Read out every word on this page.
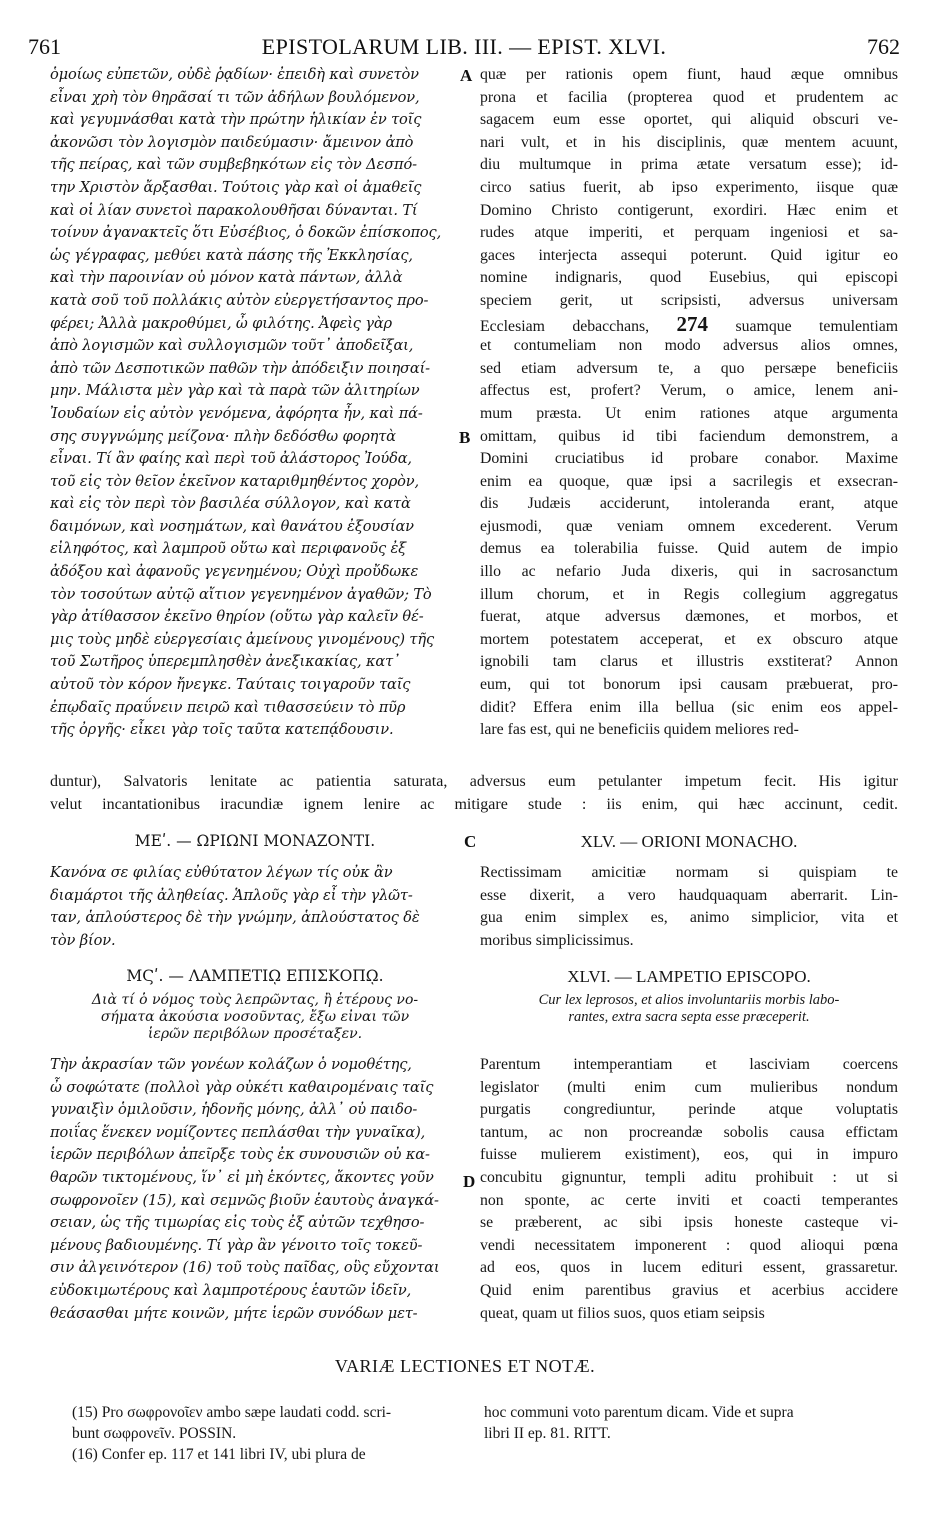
761	EPISTOLARUM LIB. III. — EPIST. XLVI.	762
ὁμοίως εὐπετῶν, οὐδὲ ῥᾳδίων· ἐπειδὴ καὶ συνετὸν
εἶναι χρὴ τὸν θηρᾶσαί τι τῶν ἀδήλων βουλόμενον,
καὶ γεγυμνάσθαι κατὰ τὴν πρώτην ἡλικίαν ἐν τοῖς
ἀκονῶσι τὸν λογισμὸν παιδεύμασιν· ἄμεινον ἀπὸ
τῆς πείρας, καὶ τῶν συμβεβηκότων εἰς τὸν Δεσπό-
την Χριστὸν ἄρξασθαι. Τούτοις γὰρ καὶ οἱ ἀμαθεῖς
καὶ οἱ λίαν συνετοὶ παρακολουθῆσαι δύνανται. Τί
τοίνυν ἀγανακτεῖς ὅτι Εὐσέβιος, ὁ δοκῶν ἐπίσκοπος,
ὡς γέγραφας, μεθύει κατὰ πάσης τῆς Ἐκκλησίας,
καὶ τὴν παροινίαν οὐ μόνον κατὰ πάντων, ἀλλὰ
κατὰ σοῦ τοῦ πολλάκις αὐτὸν εὐεργετήσαντος προ-
φέρει; Ἀλλὰ μακροθύμει, ὦ φιλότης. Ἀφεὶς γὰρ
ἀπὸ λογισμῶν καὶ συλλογισμῶν τοῦτ᾽ ἀποδεῖξαι,
ἀπὸ τῶν Δεσποτικῶν παθῶν τὴν ἀπόδειξιν ποιησαί-
μην. Μάλιστα μὲν γὰρ καὶ τὰ παρὰ τῶν ἀλιτηρίων
Ἰουδαίων εἰς αὐτὸν γενόμενα, ἀφόρητα ἦν, καὶ πά-
σης συγγνώμης μείζονα· πλὴν δεδόσθω φορητὰ
εἶναι. Τί ἂν φαίης καὶ περὶ τοῦ ἀλάστορος Ἰούδα,
τοῦ εἰς τὸν θεῖον ἐκεῖνον καταριθμηθέντος χορὸν,
καὶ εἰς τὸν περὶ τὸν βασιλέα σύλλογον, καὶ κατὰ
δαιμόνων, καὶ νοσημάτων, καὶ θανάτου ἐξουσίαν
εἰληφότος, καὶ λαμπροῦ οὕτω καὶ περιφανοῦς ἐξ
ἀδόξου καὶ ἀφανοῦς γεγενημένου; Οὐχὶ προὔδωκε
τὸν τοσούτων αὐτῷ αἴτιον γεγενημένον ἀγαθῶν; Τὸ
γὰρ ἀτίθασσον ἐκεῖνο θηρίον (οὕτω γὰρ καλεῖν θέ-
μις τοὺς μηδὲ εὐεργεσίαις ἀμείνους γινομένους) τῆς
τοῦ Σωτῆρος ὑπερεμπλησθὲν ἀνεξικακίας, κατ᾽
αὐτοῦ τὸν κόρον ἤνεγκε. Ταύταις τοιγαροῦν ταῖς
ἐπῳδαῖς πραΰνειν πειρῶ καὶ τιθασσεύειν τὸ πῦρ
τῆς ὀργῆς· εἶκει γὰρ τοῖς ταῦτα κατεπᾴδουσιν.
quæ per rationis opem fiunt, haud æque omnibus
prona et facilia (propterea quod et prudentem ac
sagacem eum esse oportet, qui aliquid obscuri ve-
nari vult, et in his disciplinis, quæ mentem acuunt,
diu multumque in prima ætate versatum esse); id-
circo satius fuerit, ab ipso experimento, iisque quæ
Domino Christo contigerunt, exordiri. Hæc enim et
rudes atque imperiti, et perquam ingeniosi et sa-
gaces interjecta assequi poterunt. Quid igitur eo
nomine indignaris, quod Eusebius, qui episcopi
speciem gerit, ut scripsisti, adversus universam
et contumeliam non modo adversus alios omnes,
sed etiam adversum te, a quo persæpe beneficiis
affectus est, profert? Verum, o amice, lenem ani-
mum præsta. Ut enim rationes atque argumenta
omittam, quibus id tibi faciendum demonstrem, a
Domini cruciatibus id probare conabor. Maxime
enim ea quoque, quæ ipsi a sacrilegis et exsecran-
dis Judæis acciderunt, intoleranda erant, atque
ejusmodi, quæ veniam omnem excederent. Verum
demus ea tolerabilia fuisse. Quid autem de impio
illo ac nefario Juda dixeris, qui in sacrosanctum
illum chorum, et in Regis collegium aggregatus
fuerat, atque adversus dæmones, et morbos, et
mortem potestatem acceperat, et ex obscuro atque
ignobili tam clarus et illustris exstiterat? Annon
eum, qui tot bonorum ipsi causam præbuerat, pro-
didit? Effera enim illa bellua (sic enim eos appel-
lare fas est, qui ne beneficiis quidem meliores red-
Ecclesiam debacchans, 274 suamque temulentiam
duntur), Salvatoris lenitate ac patientia saturata, adversus eum petulanter impetum fecit. His igitur
velut incantationibus iracundiæ ignem lenire ac mitigare stude : iis enim, qui hæc accinunt, cedit.
A
B
C
D
ΜΕʹ. — ΩΡΙΩΝΙ ΜΟΝΑΖΟΝΤΙ.	XLV. — ORIONI MONACHO.
Κανόνα σε φιλίας εὐθύτατον λέγων τίς οὐκ ἂν
διαμάρτοι τῆς ἀληθείας. Ἁπλοῦς γὰρ εἶ τὴν γλῶτ-
ταν, ἁπλούστερος δὲ τὴν γνώμην, ἁπλούστατος δὲ
τὸν βίον.
Rectissimam amicitiæ normam si quispiam te
esse dixerit, a vero haudquaquam aberrarit. Lin-
gua enim simplex es, animo simplicior, vita et
moribus simplicissimus.
ΜϚʹ. — ΛΑΜΠΕΤΙῼ ΕΠΙΣΚΟΠῼ.	XLVI. — LAMPETIO EPISCOPO.
Διὰ τί ὁ νόμος τοὺς λεπρῶντας, ἢ ἑτέρους νο-
σήματα ἀκούσια νοσοῦντας, ἔξω εἶναι τῶν
ἱερῶν περιβόλων προσέταξεν.
Cur lex leprosos, et alios involuntariis morbis labo-
rantes, extra sacra septa esse præceperit.
Τὴν ἀκρασίαν τῶν γονέων κολάζων ὁ νομοθέτης,
ὦ σοφώτατε (πολλοὶ γὰρ οὐκέτι καθαιρομέναις ταῖς
γυναιξὶν ὁμιλοῦσιν, ἡδονῆς μόνης, ἀλλ᾽ οὐ παιδο-
ποιΐας ἕνεκεν νομίζοντες πεπλάσθαι τὴν γυναῖκα),
ἱερῶν περιβόλων ἀπεῖρξε τοὺς ἐκ συνουσιῶν οὐ κα-
θαρῶν τικτομένους, ἵν᾽ εἰ μὴ ἑκόντες, ἄκοντες γοῦν
σωφρονοῖεν (15), καὶ σεμνῶς βιοῦν ἑαυτοὺς ἀναγκά-
σειαν, ὡς τῆς τιμωρίας εἰς τοὺς ἐξ αὐτῶν τεχθησο-
μένους βαδιουμένης. Τί γὰρ ἂν γένοιτο τοῖς τοκεῦ-
σιν ἀλγεινότερον (16) τοῦ τοὺς παῖδας, οὓς εὔχονται
εὐδοκιμωτέρους καὶ λαμπροτέρους ἑαυτῶν ἰδεῖν,
θεάσασθαι μήτε κοινῶν, μήτε ἱερῶν συνόδων μετ-
Parentum intemperantiam et lasciviam coercens
legislator (multi enim cum mulieribus nondum
purgatis congrediuntur, perinde atque voluptatis
tantum, ac non procreandæ sobolis causa effictam
fuisse mulierem existiment), eos, qui in impuro
concubitu gignuntur, templi aditu prohibuit : ut si
non sponte, ac certe inviti et coacti temperantes
se præberent, ac sibi ipsis honeste casteque vi-
vendi necessitatem imponerent : quod alioqui pœna
ad eos, quos in lucem edituri essent, grassaretur.
Quid enim parentibus gravius et acerbius accidere
queat, quam ut filios suos, quos etiam seipsis
VARIÆ LECTIONES ET NOTÆ.
(15) Pro σωφρονοῖεν ambo sæpe laudati codd. scri-
bunt σωφρονεῖν. POSSIN.
(16) Confer ep. 117 et 141 libri IV, ubi plura de
hoc communi voto parentum dicam. Vide et supra
libri II ep. 81. RITT.
